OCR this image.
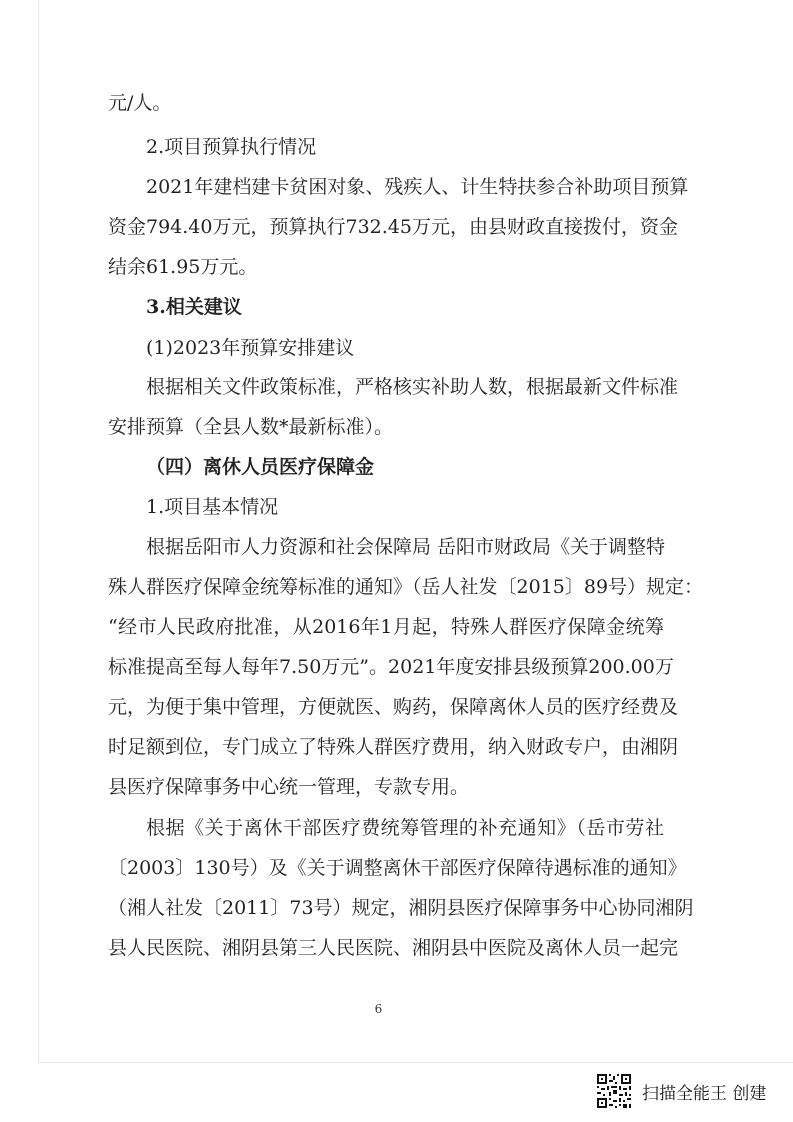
元/人。
2.项目预算执行情况
2021年建档建卡贫困对象、残疾人、计生特扶参合补助项目预算
资金794.40万元，预算执行732.45万元，由县财政直接拨付，资金
结余61.95万元。
3.相关建议
(1)2023年预算安排建议
根据相关文件政策标准，严格核实补助人数，根据最新文件标准
安排预算（全县人数*最新标准）。
（四）离休人员医疗保障金
1.项目基本情况
根据岳阳市人力资源和社会保障局 岳阳市财政局《关于调整特
殊人群医疗保障金统筹标准的通知》（岳人社发〔2015〕89号）规定：
“经市人民政府批准，从2016年1月起，特殊人群医疗保障金统筹
标准提高至每人每年7.50万元”。2021年度安排县级预算200.00万
元，为便于集中管理，方便就医、购药，保障离休人员的医疗经费及
时足额到位，专门成立了特殊人群医疗费用，纳入财政专户，由湘阴
县医疗保障事务中心统一管理，专款专用。
根据《关于离休干部医疗费统筹管理的补充通知》（岳市劳社
〔2003〕130号）及《关于调整离休干部医疗保障待遇标准的通知》
（湘人社发〔2011〕73号）规定，湘阴县医疗保障事务中心协同湘阴
县人民医院、湘阴县第三人民医院、湘阴县中医院及离休人员一起完
6
扫描全能王 创建
